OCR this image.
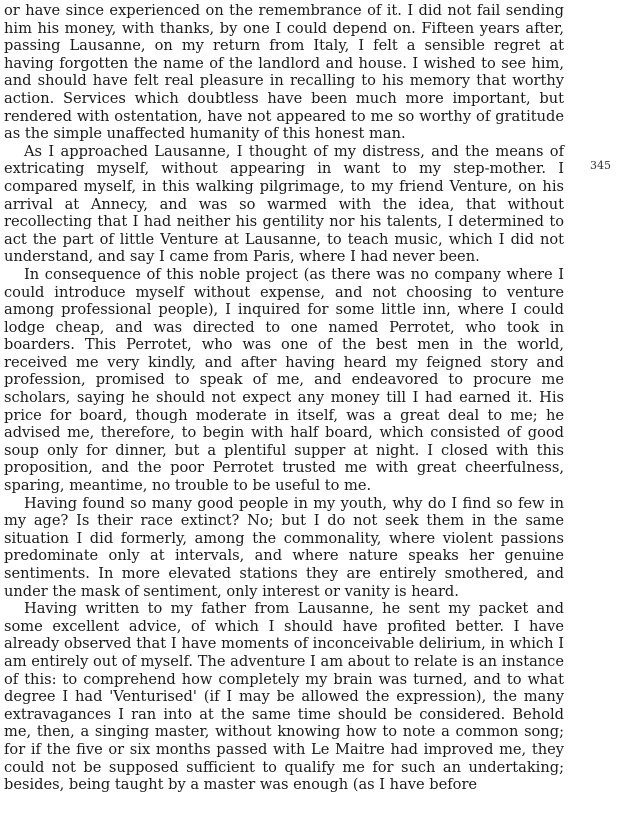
or have since experienced on the remembrance of it. I did not fail sending him his money, with thanks, by one I could depend on. Fifteen years after, passing Lausanne, on my return from Italy, I felt a sensible regret at having forgotten the name of the landlord and house. I wished to see him, and should have felt real pleasure in recalling to his memory that worthy action. Services which doubtless have been much more important, but rendered with ostentation, have not appeared to me so worthy of gratitude as the simple unaffected humanity of this honest man.

As I approached Lausanne, I thought of my distress, and the means of extricating myself, without appearing in want to my step-mother. I compared myself, in this walking pilgrimage, to my friend Venture, on his arrival at Annecy, and was so warmed with the idea, that without recollecting that I had neither his gentility nor his talents, I determined to act the part of little Venture at Lausanne, to teach music, which I did not understand, and say I came from Paris, where I had never been.

In consequence of this noble project (as there was no company where I could introduce myself without expense, and not choosing to venture among professional people), I inquired for some little inn, where I could lodge cheap, and was directed to one named Perrotet, who took in boarders. This Perrotet, who was one of the best men in the world, received me very kindly, and after having heard my feigned story and profession, promised to speak of me, and endeavored to procure me scholars, saying he should not expect any money till I had earned it. His price for board, though moderate in itself, was a great deal to me; he advised me, therefore, to begin with half board, which consisted of good soup only for dinner, but a plentiful supper at night. I closed with this proposition, and the poor Perrotet trusted me with great cheerfulness, sparing, meantime, no trouble to be useful to me.

Having found so many good people in my youth, why do I find so few in my age? Is their race extinct? No; but I do not seek them in the same situation I did formerly, among the commonality, where violent passions predominate only at intervals, and where nature speaks her genuine sentiments. In more elevated stations they are entirely smothered, and under the mask of sentiment, only interest or vanity is heard.

Having written to my father from Lausanne, he sent my packet and some excellent advice, of which I should have profited better. I have already observed that I have moments of inconceivable delirium, in which I am entirely out of myself. The adventure I am about to relate is an instance of this: to comprehend how completely my brain was turned, and to what degree I had 'Venturised' (if I may be allowed the expression), the many extravagances I ran into at the same time should be considered. Behold me, then, a singing master, without knowing how to note a common song; for if the five or six months passed with Le Maitre had improved me, they could not be supposed sufficient to qualify me for such an undertaking; besides, being taught by a master was enough (as I have before

345
